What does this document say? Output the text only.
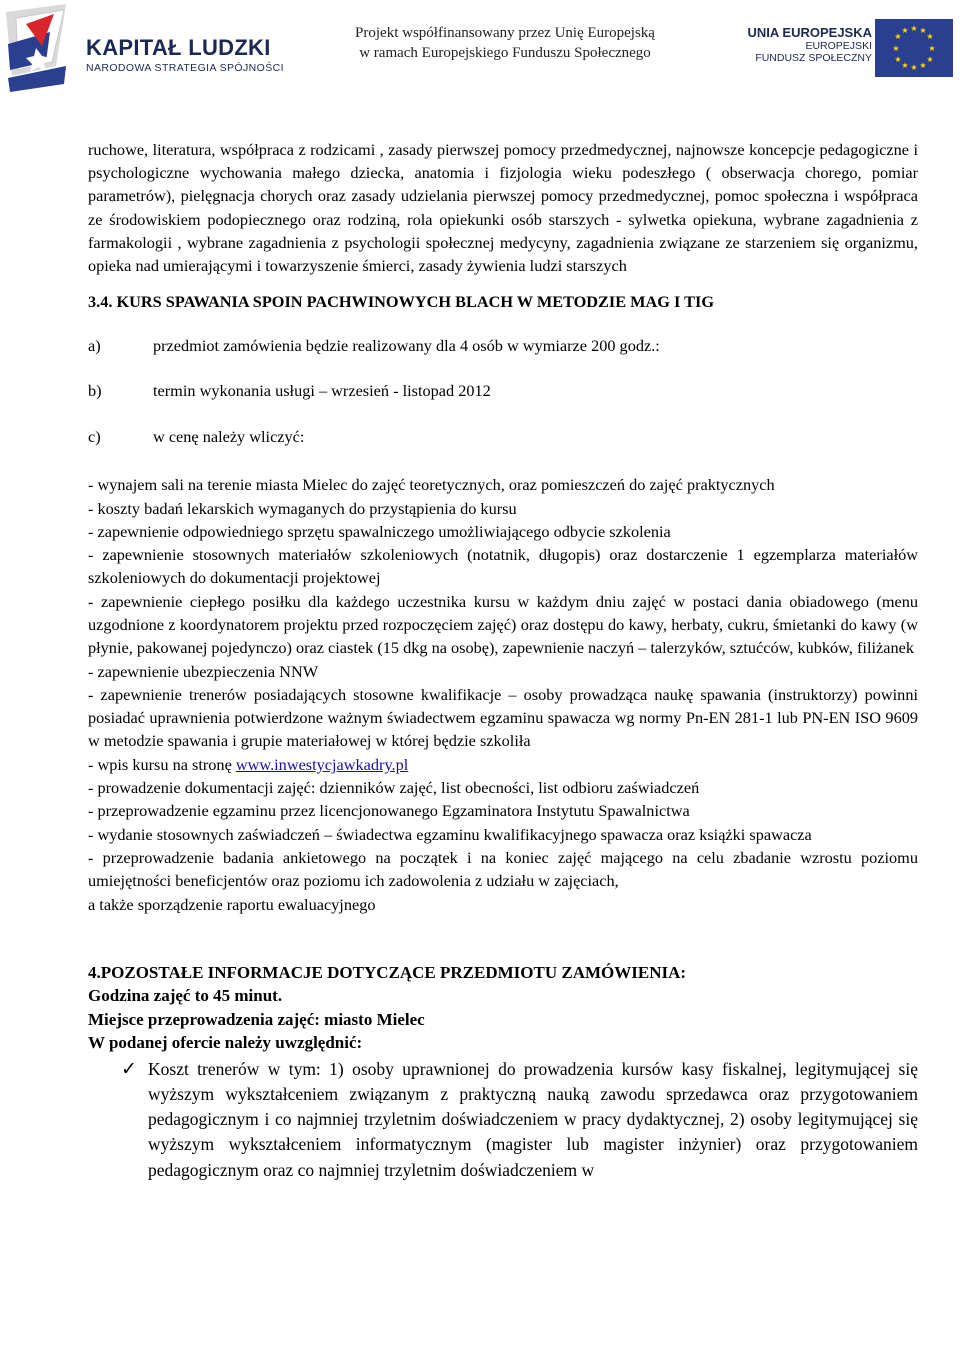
KAPITAŁ LUDZKI
NARODOWA STRATEGIA SPÓJNOŚCI
Projekt współfinansowany przez Unię Europejską
w ramach Europejskiego Funduszu Społecznego
UNIA EUROPEJSKA
EUROPEJSKI
FUNDUSZ SPOŁECZNY
★ ★
★
★
★
★
★
★
★
★
★
★

ruchowe, literatura, współpraca z rodzicami , zasady pierwszej pomocy przedmedycznej, najnowsze koncepcje pedagogiczne i psychologiczne wychowania małego dziecka, anatomia i fizjologia wieku podeszłego ( obserwacja chorego, pomiar parametrów), pielęgnacja chorych oraz zasady udzielania pierwszej pomocy przedmedycznej, pomoc społeczna i współpraca ze środowiskiem podopiecznego oraz rodziną, rola opiekunki osób starszych - sylwetka opiekuna, wybrane zagadnienia z farmakologii , wybrane zagadnienia z psychologii społecznej medycyny, zagadnienia związane ze starzeniem się organizmu, opieka nad umierającymi i towarzyszenie śmierci, zasady żywienia ludzi starszych

3.4. KURS SPAWANIA SPOIN PACHWINOWYCH BLACH W METODZIE MAG I TIG
a)	przedmiot zamówienia będzie realizowany dla 4 osób w wymiarze 200 godz.:
b)	termin wykonania usługi – wrzesień - listopad 2012
c)	w cenę należy wliczyć:

- wynajem sali na terenie miasta Mielec do zajęć teoretycznych, oraz pomieszczeń do zajęć praktycznych

- koszty badań lekarskich wymaganych do przystąpienia do kursu

- zapewnienie odpowiedniego sprzętu spawalniczego umożliwiającego odbycie szkolenia

- zapewnienie stosownych materiałów szkoleniowych (notatnik, długopis) oraz dostarczenie 1 egzemplarza materiałów szkoleniowych do dokumentacji projektowej

- zapewnienie ciepłego posiłku dla każdego uczestnika kursu w każdym dniu zajęć w postaci dania obiadowego (menu uzgodnione z koordynatorem projektu przed rozpoczęciem zajęć) oraz dostępu do kawy, herbaty, cukru, śmietanki do kawy (w płynie, pakowanej pojedynczo) oraz ciastek (15 dkg na osobę), zapewnienie naczyń – talerzyków, sztućców, kubków, filiżanek

- zapewnienie ubezpieczenia NNW

- zapewnienie trenerów posiadających stosowne kwalifikacje – osoby prowadząca naukę spawania (instruktorzy) powinni posiadać uprawnienia potwierdzone ważnym świadectwem egzaminu spawacza wg normy Pn-EN 281-1 lub PN-EN ISO 9609 w metodzie spawania i grupie materiałowej w której będzie szkoliła

- wpis kursu na stronę www.inwestycjawkadry.pl

- prowadzenie dokumentacji zajęć: dzienników zajęć, list obecności, list odbioru zaświadczeń

- przeprowadzenie egzaminu przez licencjonowanego Egzaminatora Instytutu Spawalnictwa

- wydanie stosownych zaświadczeń – świadectwa egzaminu kwalifikacyjnego spawacza oraz książki spawacza

- przeprowadzenie badania ankietowego na początek i na koniec zajęć mającego na celu zbadanie wzrostu poziomu umiejętności beneficjentów oraz poziomu ich zadowolenia z udziału w zajęciach,

a także sporządzenie raportu ewaluacyjnego

4.POZOSTAŁE INFORMACJE DOTYCZĄCE PRZEDMIOTU ZAMÓWIENIA:
Godzina zajęć to 45 minut.
Miejsce przeprowadzenia zajęć: miasto Mielec
W podanej ofercie należy uwzględnić:
✓ Koszt trenerów w tym: 1) osoby uprawnionej do prowadzenia kursów kasy fiskalnej, legitymującej się wyższym wykształceniem związanym z praktyczną nauką zawodu sprzedawca oraz przygotowaniem pedagogicznym i co najmniej trzyletnim doświadczeniem w pracy dydaktycznej, 2) osoby legitymującej się wyższym wykształceniem informatycznym (magister lub magister inżynier) oraz przygotowaniem pedagogicznym oraz co najmniej trzyletnim doświadczeniem w
